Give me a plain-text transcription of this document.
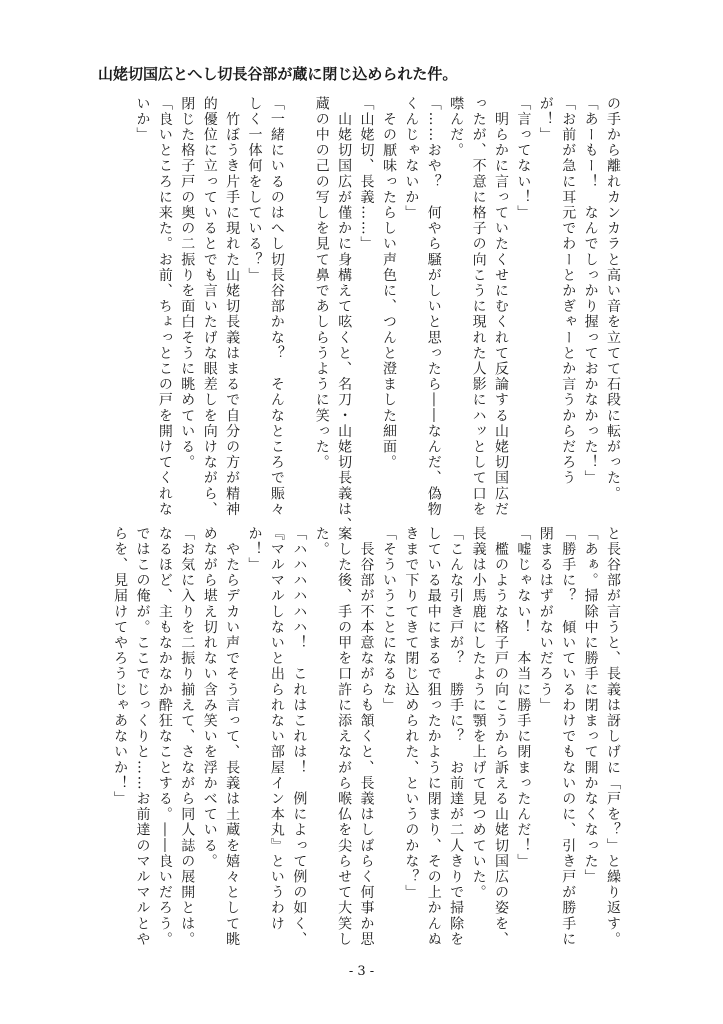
山姥切国広とへし切長谷部が蔵に閉じ込められた件。
の手から離れカンカラと高い音を立てて石段に転がった。
「あーもー！　なんでしっかり握っておかなかった！」
「お前が急に耳元でわーとかぎゃーとか言うからだろう
が！」
「言ってない！」
　明らかに言っていたくせにむくれて反論する山姥切国広だ
ったが、不意に格子の向こうに現れた人影にハッとして口を
噤んだ。
「……おや？　何やら騒がしいと思ったら――なんだ、偽物
くんじゃないか」
　その厭味ったらしい声色に、つんと澄ました細面。
「山姥切、長義……」
　山姥切国広が僅かに身構えて呟くと、名刀・山姥切長義は、
蔵の中の己の写しを見て鼻であしらうように笑った。
「一緒にいるのはへし切長谷部かな？　そんなところで賑々
しく一体何をしている？」
　竹ぼうき片手に現れた山姥切長義はまるで自分の方が精神
的優位に立っているとでも言いたげな眼差しを向けながら、
閉じた格子戸の奥の二振りを面白そうに眺めている。
「良いところに来た。お前、ちょっとこの戸を開けてくれな
いか」
と長谷部が言うと、長義は訝しげに「戸を？」と繰り返す。
「あぁ。掃除中に勝手に閉まって開かなくなった」
「勝手に？　傾いているわけでもないのに、引き戸が勝手に
閉まるはずがないだろう」
「嘘じゃない！　本当に勝手に閉まったんだ！」
　檻のような格子戸の向こうから訴える山姥切国広の姿を、
長義は小馬鹿にしたように顎を上げて見つめていた。
「こんな引き戸が？　勝手に？　お前達が二人きりで掃除を
している最中にまるで狙ったかように閉まり、その上かんぬ
きまで下りてきて閉じ込められた、というのかな？」
「そういうことになるな」
　長谷部が不本意ながらも頷くと、長義はしばらく何事か思
案した後、手の甲を口許に添えながら喉仏を尖らせて大笑し
た。
「ハハハハハハ！　これはこれは！　例によって例の如く、
『マルマルしないと出られない部屋イン本丸』というわけ
か！」
　やたらデカい声でそう言って、長義は土蔵を嬉々として眺
めながら堪え切れない含み笑いを浮かべている。
「お気に入りを二振り揃えて、さながら同人誌の展開とは。
なるほど、主もなかなか酔狂なことする。――良いだろう。
ではこの俺が。ここでじっくりと……お前達のマルマルとや
らを、見届けてやろうじゃあないか！」
- 3 -
